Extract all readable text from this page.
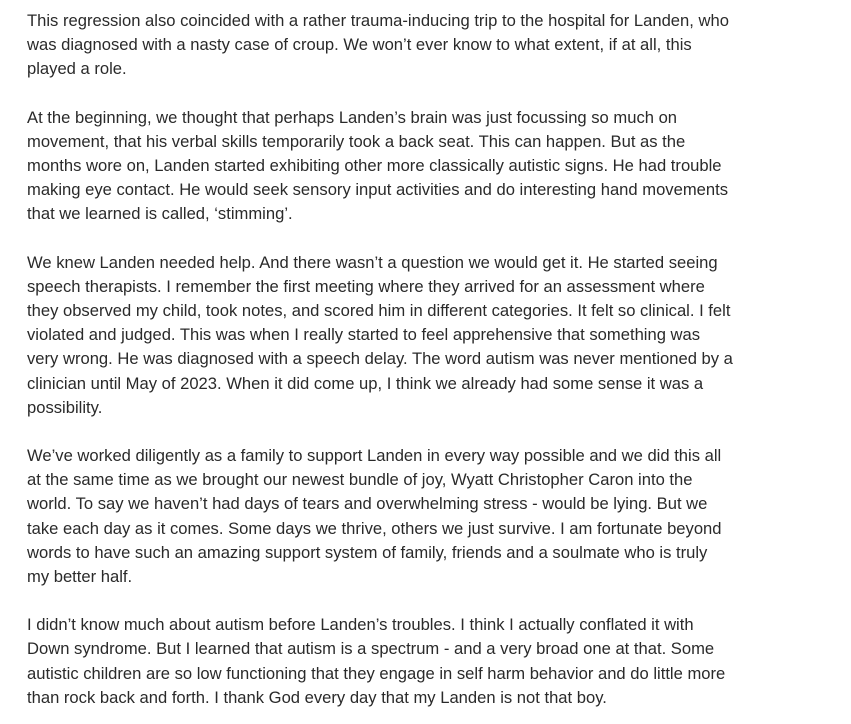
This regression also coincided with a rather trauma-inducing trip to the hospital for Landen, who
was diagnosed with a nasty case of croup. We won’t ever know to what extent, if at all, this
played a role.

At the beginning, we thought that perhaps Landen’s brain was just focussing so much on
movement, that his verbal skills temporarily took a back seat. This can happen. But as the
months wore on, Landen started exhibiting other more classically autistic signs. He had trouble
making eye contact. He would seek sensory input activities and do interesting hand movements
that we learned is called, ‘stimming’.

We knew Landen needed help. And there wasn’t a question we would get it. He started seeing
speech therapists. I remember the first meeting where they arrived for an assessment where
they observed my child, took notes, and scored him in different categories. It felt so clinical. I felt
violated and judged. This was when I really started to feel apprehensive that something was
very wrong. He was diagnosed with a speech delay. The word autism was never mentioned by a
clinician until May of 2023. When it did come up, I think we already had some sense it was a
possibility.

We’ve worked diligently as a family to support Landen in every way possible and we did this all
at the same time as we brought our newest bundle of joy, Wyatt Christopher Caron into the
world. To say we haven’t had days of tears and overwhelming stress - would be lying. But we
take each day as it comes. Some days we thrive, others we just survive. I am fortunate beyond
words to have such an amazing support system of family, friends and a soulmate who is truly
my better half.

I didn’t know much about autism before Landen’s troubles. I think I actually conflated it with
Down syndrome. But I learned that autism is a spectrum - and a very broad one at that. Some
autistic children are so low functioning that they engage in self harm behavior and do little more
than rock back and forth. I thank God every day that my Landen is not that boy.
